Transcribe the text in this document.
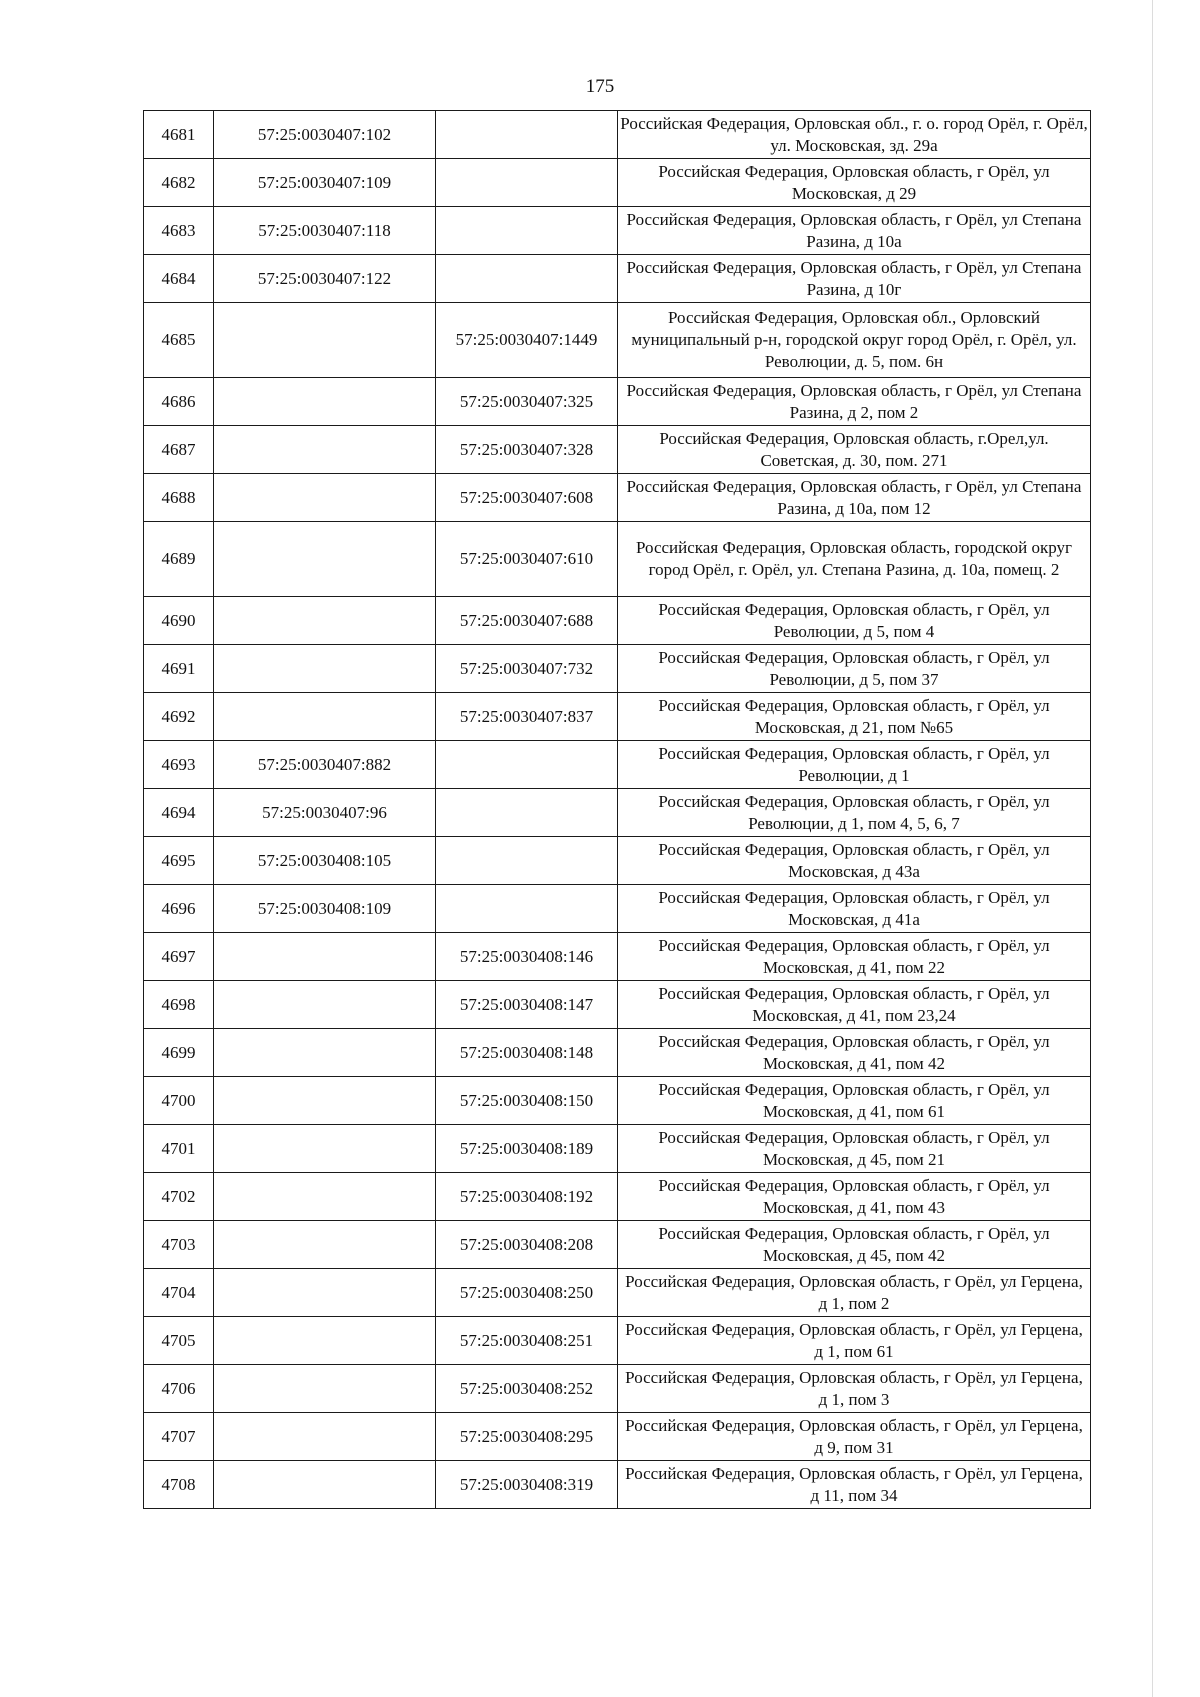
175
4681	57:25:0030407:102		Российская Федерация, Орловская обл., г. о. город Орёл, г. Орёл, ул. Московская, зд. 29а
4682	57:25:0030407:109		Российская Федерация, Орловская область, г Орёл, ул Московская, д 29
4683	57:25:0030407:118		Российская Федерация, Орловская область, г Орёл, ул Степана Разина, д 10а
4684	57:25:0030407:122		Российская Федерация, Орловская область, г Орёл, ул Степана Разина, д 10г
4685		57:25:0030407:1449	Российская Федерация, Орловская обл., Орловский муниципальный р-н, городской округ город Орёл, г. Орёл, ул. Революции, д. 5, пом. 6н
4686		57:25:0030407:325	Российская Федерация, Орловская область, г Орёл, ул Степана Разина, д 2, пом 2
4687		57:25:0030407:328	Российская Федерация, Орловская область, г.Орел,ул. Советская, д. 30, пом. 271
4688		57:25:0030407:608	Российская Федерация, Орловская область, г Орёл, ул Степана Разина, д 10а, пом 12
4689		57:25:0030407:610	Российская Федерация, Орловская область, городской округ город Орёл, г. Орёл, ул. Степана Разина, д. 10а, помещ. 2
4690		57:25:0030407:688	Российская Федерация, Орловская область, г Орёл, ул Революции, д 5, пом 4
4691		57:25:0030407:732	Российская Федерация, Орловская область, г Орёл, ул Революции, д 5, пом 37
4692		57:25:0030407:837	Российская Федерация, Орловская область, г Орёл, ул Московская, д 21, пом №65
4693	57:25:0030407:882		Российская Федерация, Орловская область, г Орёл, ул Революции, д 1
4694	57:25:0030407:96		Российская Федерация, Орловская область, г Орёл, ул Революции, д 1, пом 4, 5, 6, 7
4695	57:25:0030408:105		Российская Федерация, Орловская область, г Орёл, ул Московская, д 43а
4696	57:25:0030408:109		Российская Федерация, Орловская область, г Орёл, ул Московская, д 41а
4697		57:25:0030408:146	Российская Федерация, Орловская область, г Орёл, ул Московская, д 41, пом 22
4698		57:25:0030408:147	Российская Федерация, Орловская область, г Орёл, ул Московская, д 41, пом 23,24
4699		57:25:0030408:148	Российская Федерация, Орловская область, г Орёл, ул Московская, д 41, пом 42
4700		57:25:0030408:150	Российская Федерация, Орловская область, г Орёл, ул Московская, д 41, пом 61
4701		57:25:0030408:189	Российская Федерация, Орловская область, г Орёл, ул Московская, д 45, пом 21
4702		57:25:0030408:192	Российская Федерация, Орловская область, г Орёл, ул Московская, д 41, пом 43
4703		57:25:0030408:208	Российская Федерация, Орловская область, г Орёл, ул Московская, д 45, пом 42
4704		57:25:0030408:250	Российская Федерация, Орловская область, г Орёл, ул Герцена, д 1, пом 2
4705		57:25:0030408:251	Российская Федерация, Орловская область, г Орёл, ул Герцена, д 1, пом 61
4706		57:25:0030408:252	Российская Федерация, Орловская область, г Орёл, ул Герцена, д 1, пом 3
4707		57:25:0030408:295	Российская Федерация, Орловская область, г Орёл, ул Герцена, д 9, пом 31
4708		57:25:0030408:319	Российская Федерация, Орловская область, г Орёл, ул Герцена, д 11, пом 34
